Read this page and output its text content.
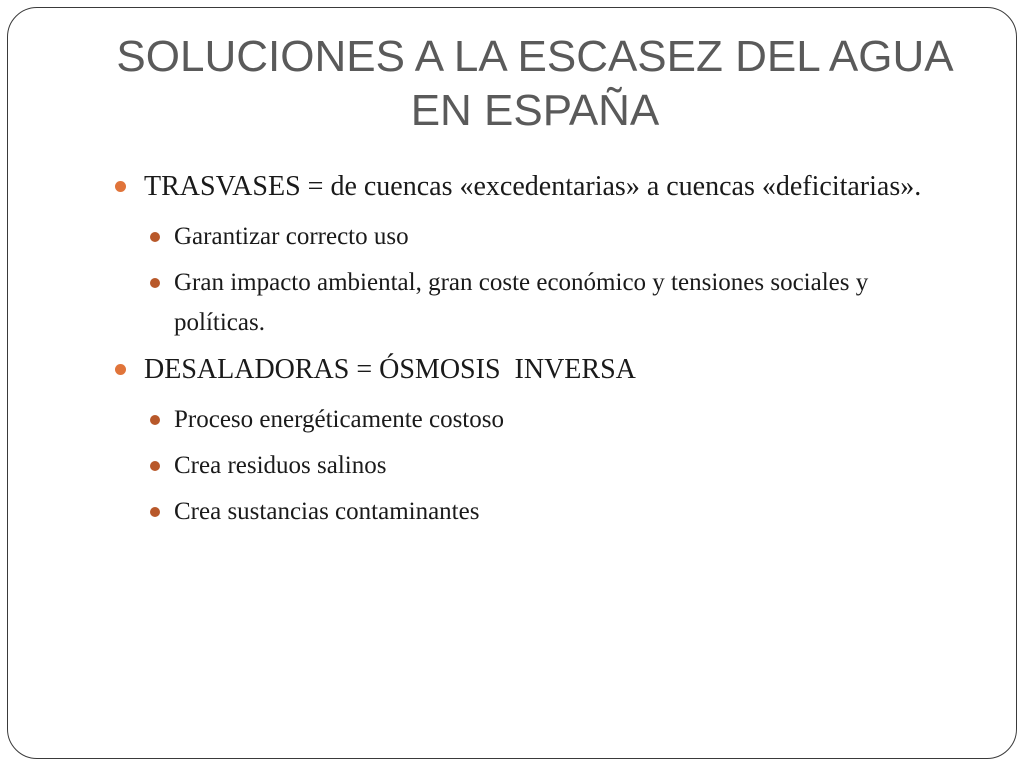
SOLUCIONES A LA ESCASEZ DEL AGUA
EN ESPAÑA
TRASVASES = de cuencas «excedentarias» a cuencas «deficitarias».
Garantizar correcto uso
Gran impacto ambiental, gran coste económico y tensiones sociales y políticas.
DESALADORAS = ÓSMOSIS  INVERSA
Proceso energéticamente costoso
Crea residuos salinos
Crea sustancias contaminantes
